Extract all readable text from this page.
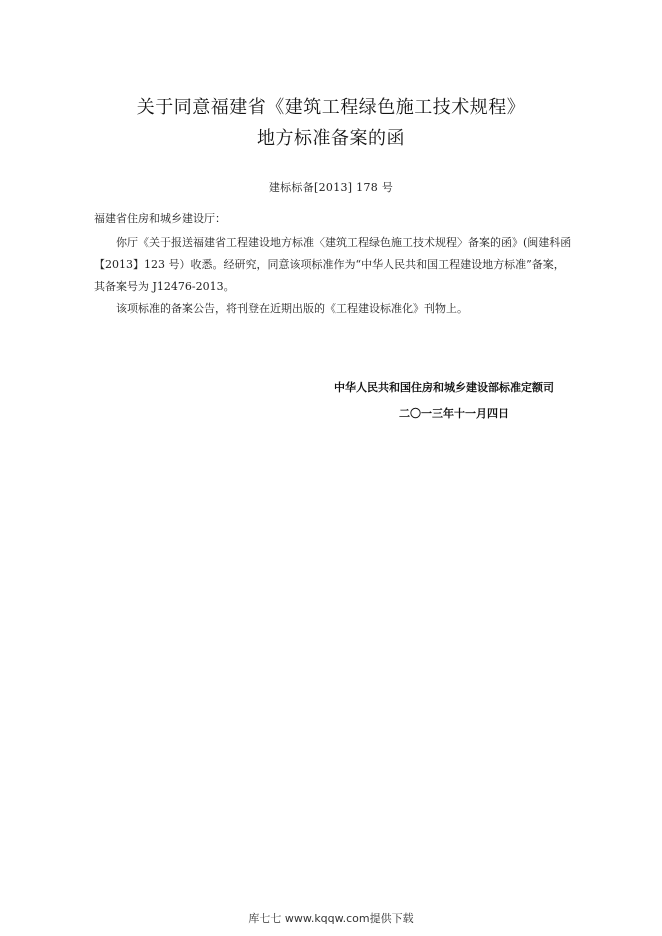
关于同意福建省《建筑工程绿色施工技术规程》
地方标准备案的函
建标标备[2013] 178 号
福建省住房和城乡建设厅：
你厅《关于报送福建省工程建设地方标准〈建筑工程绿色施工技术规程〉备案的函》(闽建科函【2013】123 号）收悉。经研究，同意该项标准作为“中华人民共和国工程建设地方标准”备案，其备案号为 J12476-2013。
该项标准的备案公告，将刊登在近期出版的《工程建设标准化》刊物上。
中华人民共和国住房和城乡建设部标准定额司
二〇一三年十一月四日
库七七 www.kqqw.com提供下载
